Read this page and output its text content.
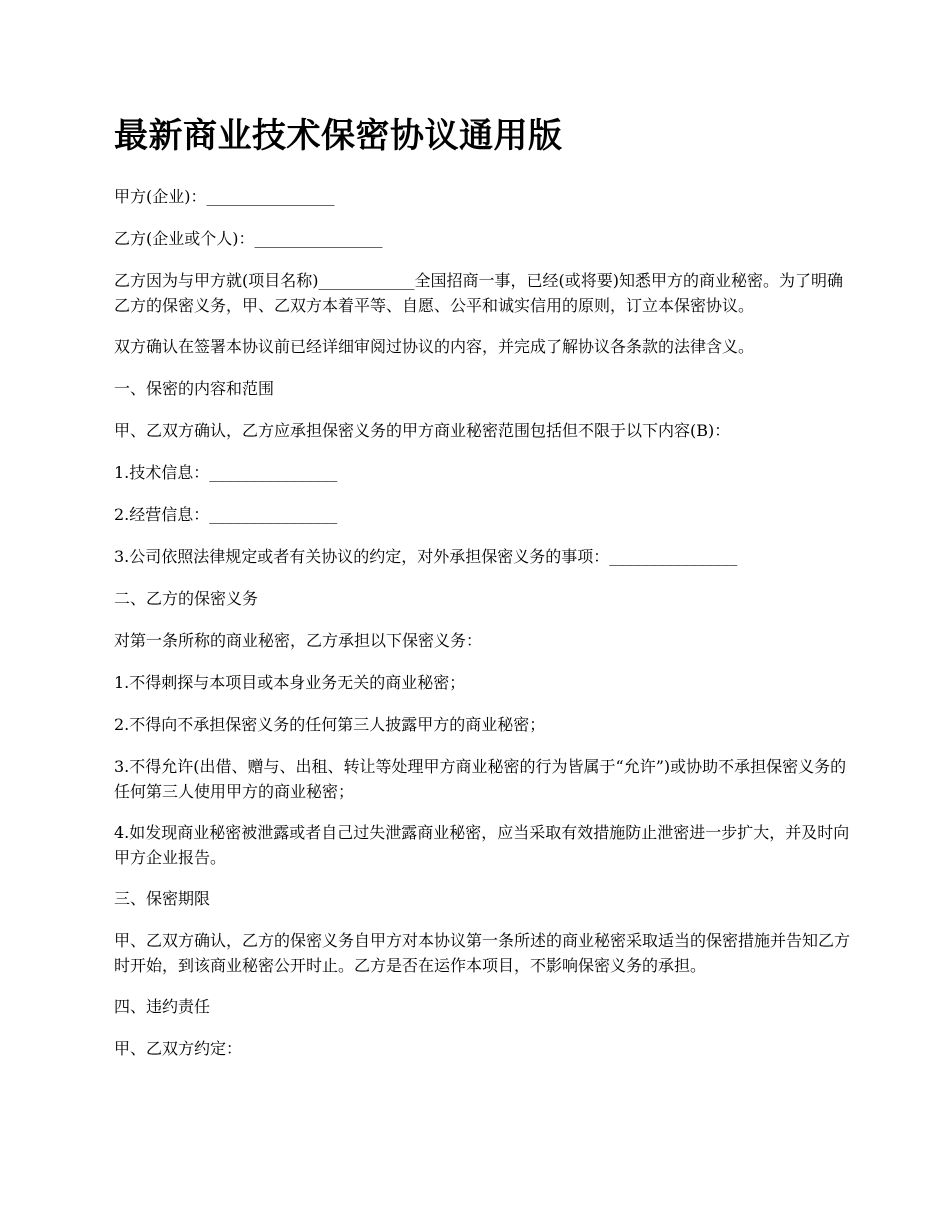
最新商业技术保密协议通用版

甲方(企业)：________________

乙方(企业或个人)：________________

乙方因为与甲方就(项目名称)____________全国招商一事，已经(或将要)知悉甲方的商业秘密。为了明确乙方的保密义务，甲、乙双方本着平等、自愿、公平和诚实信用的原则，订立本保密协议。

双方确认在签署本协议前已经详细审阅过协议的内容，并完成了解协议各条款的法律含义。

一、保密的内容和范围

甲、乙双方确认，乙方应承担保密义务的甲方商业秘密范围包括但不限于以下内容(B)：

1.技术信息：________________

2.经营信息：________________

3.公司依照法律规定或者有关协议的约定，对外承担保密义务的事项：________________

二、乙方的保密义务

对第一条所称的商业秘密，乙方承担以下保密义务：

1.不得刺探与本项目或本身业务无关的商业秘密；

2.不得向不承担保密义务的任何第三人披露甲方的商业秘密；

3.不得允许(出借、赠与、出租、转让等处理甲方商业秘密的行为皆属于“允许”)或协助不承担保密义务的任何第三人使用甲方的商业秘密；

4.如发现商业秘密被泄露或者自己过失泄露商业秘密，应当采取有效措施防止泄密进一步扩大，并及时向甲方企业报告。

三、保密期限

甲、乙双方确认，乙方的保密义务自甲方对本协议第一条所述的商业秘密采取适当的保密措施并告知乙方时开始，到该商业秘密公开时止。乙方是否在运作本项目，不影响保密义务的承担。

四、违约责任

甲、乙双方约定：
